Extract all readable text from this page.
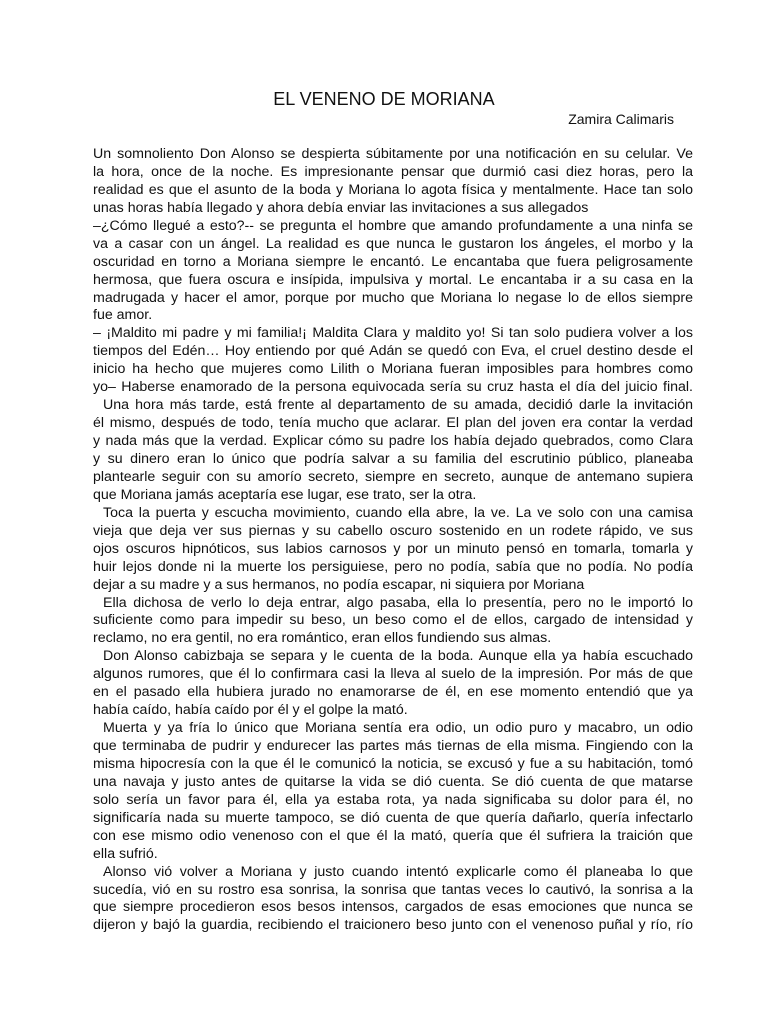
EL VENENO DE MORIANA
Zamira Calimaris
Un somnoliento Don Alonso se despierta súbitamente por una notificación en su celular. Ve
la hora, once de la noche. Es impresionante pensar que durmió casi diez horas, pero la
realidad es que el asunto de la boda y Moriana lo agota física y mentalmente. Hace tan solo
unas horas había llegado y ahora debía enviar las invitaciones a sus allegados
–¿Cómo llegué a esto?-- se pregunta el hombre que amando profundamente a una ninfa se
va a casar con un ángel. La realidad es que nunca le gustaron los ángeles, el morbo y la
oscuridad en torno a Moriana siempre le encantó. Le encantaba que fuera peligrosamente
hermosa, que fuera oscura e insípida, impulsiva y mortal. Le encantaba ir a su casa en la
madrugada y hacer el amor, porque por mucho que Moriana lo negase lo de ellos siempre
fue amor.
– ¡Maldito mi padre y mi familia!¡ Maldita Clara y maldito yo! Si tan solo pudiera volver a los
tiempos del Edén… Hoy entiendo por qué Adán se quedó con Eva, el cruel destino desde el
inicio ha hecho que mujeres como Lilith o Moriana fueran imposibles para hombres como
yo– Haberse enamorado de la persona equivocada sería su cruz hasta el día del juicio final.
Una hora más tarde, está frente al departamento de su amada, decidió darle la invitación
él mismo, después de todo, tenía mucho que aclarar. El plan del joven era contar la verdad
y nada más que la verdad. Explicar cómo su padre los había dejado quebrados, como Clara
y su dinero eran lo único que podría salvar a su familia del escrutinio público, planeaba
plantearle seguir con su amorío secreto, siempre en secreto, aunque de antemano supiera
que Moriana jamás aceptaría ese lugar, ese trato, ser la otra.
Toca la puerta y escucha movimiento, cuando ella abre, la ve. La ve solo con una camisa
vieja que deja ver sus piernas y su cabello oscuro sostenido en un rodete rápido, ve sus
ojos oscuros hipnóticos, sus labios carnosos y por un minuto pensó en tomarla, tomarla y
huir lejos donde ni la muerte los persiguiese, pero no podía, sabía que no podía. No podía
dejar a su madre y a sus hermanos, no podía escapar, ni siquiera por Moriana
Ella dichosa de verlo lo deja entrar, algo pasaba, ella lo presentía, pero no le importó lo
suficiente como para impedir su beso, un beso como el de ellos, cargado de intensidad y
reclamo, no era gentil, no era romántico, eran ellos fundiendo sus almas.
Don Alonso cabizbaja se separa y le cuenta de la boda. Aunque ella ya había escuchado
algunos rumores, que él lo confirmara casi la lleva al suelo de la impresión. Por más de que
en el pasado ella hubiera jurado no enamorarse de él, en ese momento entendió que ya
había caído, había caído por él y el golpe la mató.
Muerta y ya fría lo único que Moriana sentía era odio, un odio puro y macabro, un odio
que terminaba de pudrir y endurecer las partes más tiernas de ella misma. Fingiendo con la
misma hipocresía con la que él le comunicó la noticia, se excusó y fue a su habitación, tomó
una navaja y justo antes de quitarse la vida se dió cuenta. Se dió cuenta de que matarse
solo sería un favor para él, ella ya estaba rota, ya nada significaba su dolor para él, no
significaría nada su muerte tampoco, se dió cuenta de que quería dañarlo, quería infectarlo
con ese mismo odio venenoso con el que él la mató, quería que él sufriera la traición que
ella sufrió.
Alonso vió volver a Moriana y justo cuando intentó explicarle como él planeaba lo que
sucedía, vió en su rostro esa sonrisa, la sonrisa que tantas veces lo cautivó, la sonrisa a la
que siempre procedieron esos besos intensos, cargados de esas emociones que nunca se
dijeron y bajó la guardia, recibiendo el traicionero beso junto con el venenoso puñal y río, río
